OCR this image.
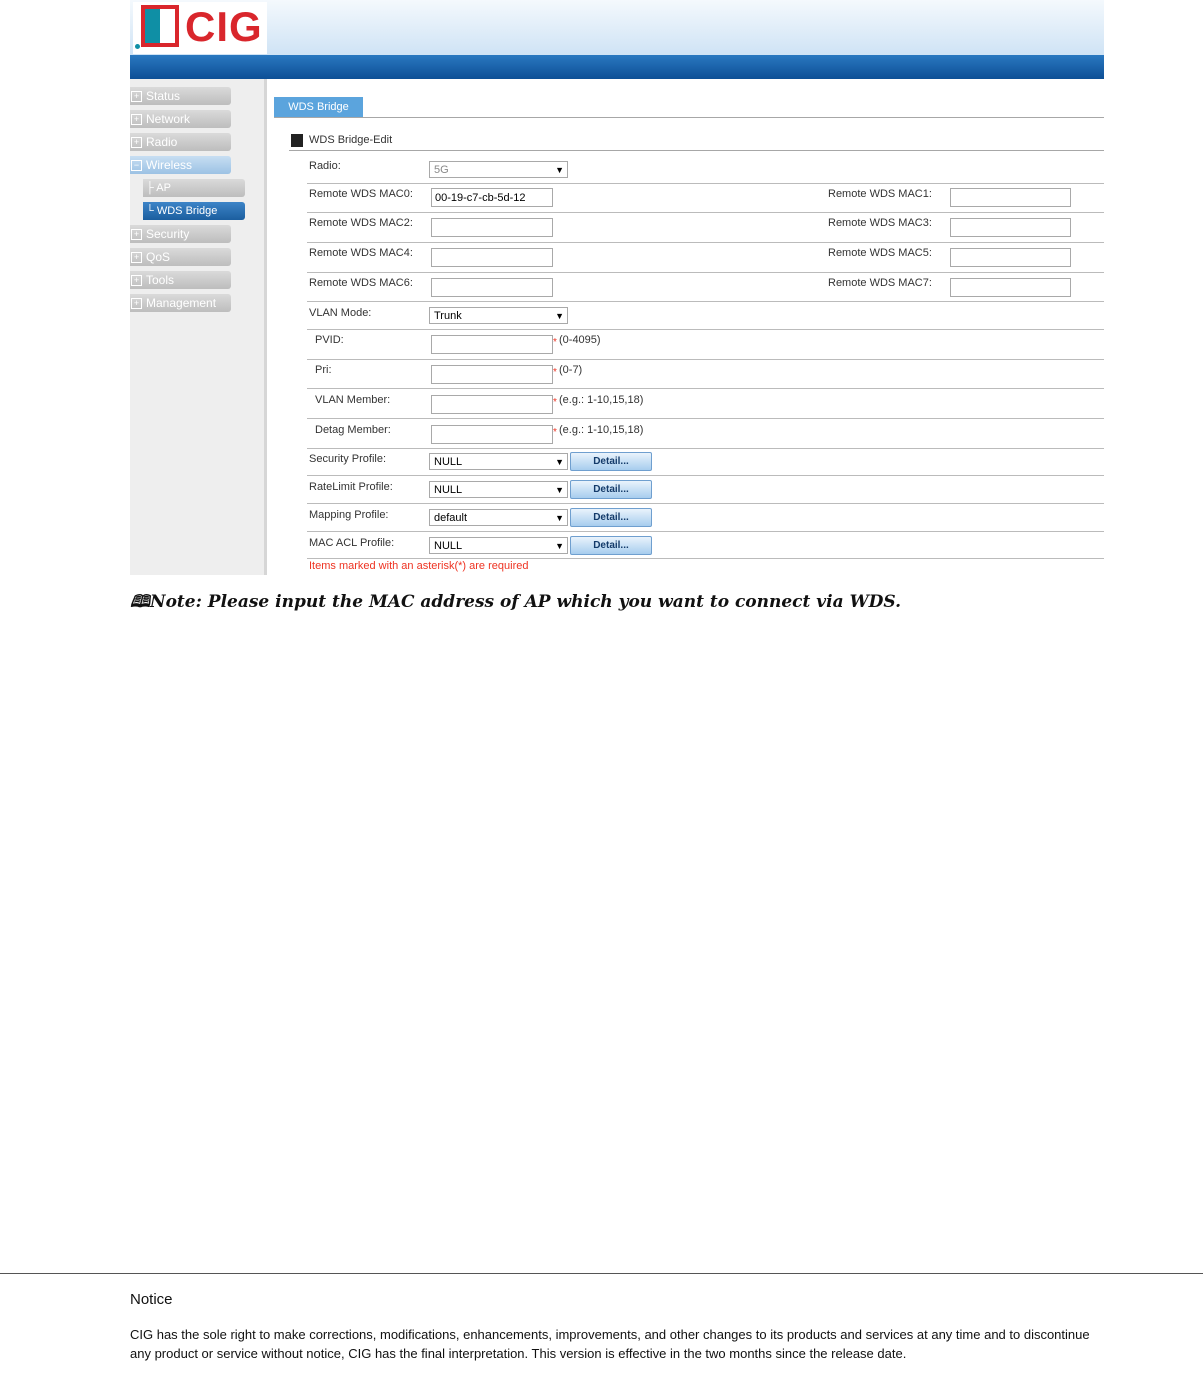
CIG
+ Status
+ Network
+ Radio
− Wireless
├ AP
└ WDS Bridge
+ Security
+ QoS
+ Tools
+ Management
WDS Bridge
WDS Bridge-Edit
Radio:	5G	▼
Remote WDS MAC0:	00-19-c7-cb-5d-12	Remote WDS MAC1:
Remote WDS MAC2:	Remote WDS MAC3:
Remote WDS MAC4:	Remote WDS MAC5:
Remote WDS MAC6:	Remote WDS MAC7:
VLAN Mode:	Trunk	▼
PVID:	* (0-4095)
Pri:	* (0-7)
VLAN Member:	* (e.g.: 1-10,15,18)
Detag Member:	* (e.g.: 1-10,15,18)
Security Profile:	NULL	▼	Detail...
RateLimit Profile:	NULL	▼	Detail...
Mapping Profile:	default	▼	Detail...
MAC ACL Profile:	NULL	▼	Detail...
Items marked with an asterisk(*) are required
🕮Note: Please input the MAC address of AP which you want to connect via WDS.
Notice
CIG has the sole right to make corrections, modifications, enhancements, improvements, and other changes to its products and services at any time and to discontinue any product or service without notice, CIG has the final interpretation. This version is effective in the two months since the release date.
